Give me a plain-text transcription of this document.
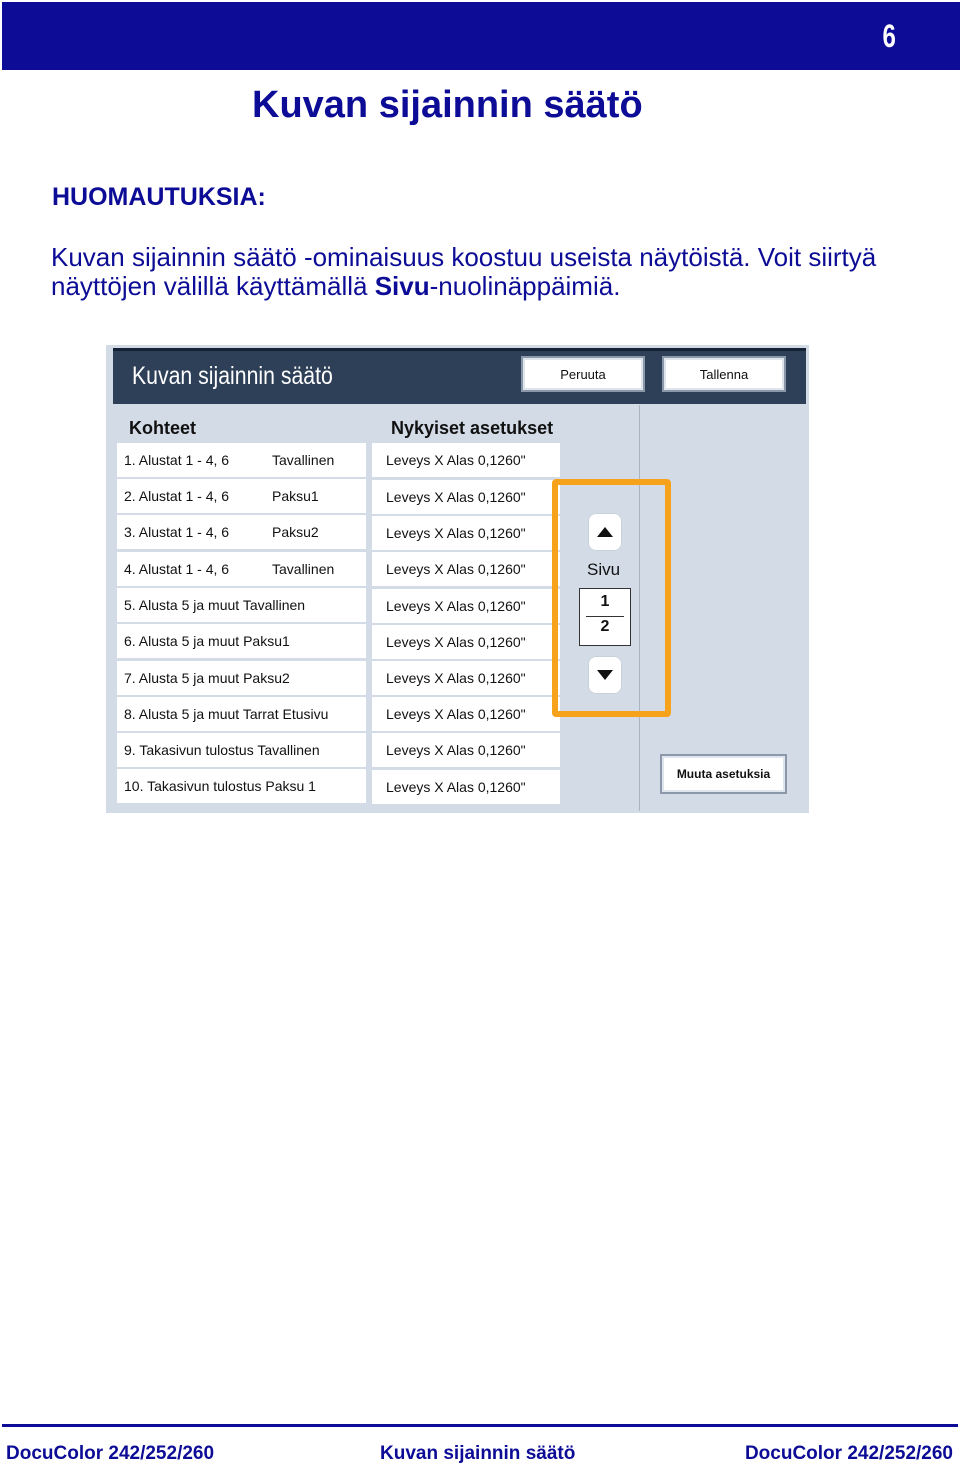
6
Kuvan sijainnin säätö
HUOMAUTUKSIA:
Kuvan sijainnin säätö -ominaisuus koostuu useista näytöistä. Voit siirtyä näyttöjen välillä käyttämällä Sivu-nuolinäppäimiä.
Kuvan sijainnin säätö	Peruuta	Tallenna
Kohteet	Nykyiset asetukset
1. Alustat 1 - 4, 6	Tavallinen	Leveys X Alas 0,1260"
2. Alustat 1 - 4, 6	Paksu1	Leveys X Alas 0,1260"
3. Alustat 1 - 4, 6	Paksu2	Leveys X Alas 0,1260"
4. Alustat 1 - 4, 6	Tavallinen	Leveys X Alas 0,1260"
5. Alusta 5 ja muut Tavallinen	Leveys X Alas 0,1260"
6. Alusta 5 ja muut Paksu1	Leveys X Alas 0,1260"
7. Alusta 5 ja muut Paksu2	Leveys X Alas 0,1260"
8. Alusta 5 ja muut Tarrat Etusivu	Leveys X Alas 0,1260"
9. Takasivun tulostus Tavallinen	Leveys X Alas 0,1260"
10. Takasivun tulostus Paksu 1	Leveys X Alas 0,1260"
Sivu
1
2
Muuta asetuksia
DocuColor 242/252/260	Kuvan sijainnin säätö	DocuColor 242/252/260
